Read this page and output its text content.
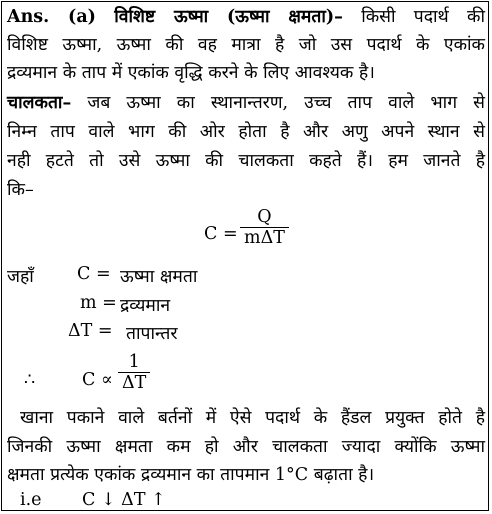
Ans. (a) विशिष्ट ऊष्मा (ऊष्मा क्षमता)– किसी पदार्थ की
विशिष्ट ऊष्मा, ऊष्मा की वह मात्रा है जो उस पदार्थ के एकांक
द्रव्यमान के ताप में एकांक वृद्धि करने के लिए आवश्यक है।
चालकता– जब ऊष्मा का स्थानान्तरण, उच्च ताप वाले भाग से
निम्न ताप वाले भाग की ओर होता है और अणु अपने स्थान से
नही हटते तो उसे ऊष्मा की चालकता कहते हैं। हम जानते है
कि–
C =
Q
mΔT
जहाँ C = ऊष्मा क्षमता
m = द्रव्यमान
ΔT = तापान्तर
∴	C ∝
1
ΔT
खाना पकाने वाले बर्तनों में ऐसे पदार्थ के हैंडल प्रयुक्त होते है
जिनकी ऊष्मा क्षमता कम हो और चालकता ज्यादा क्योंकि ऊष्मा
क्षमता प्रत्येक एकांक द्रव्यमान का तापमान 1°C बढ़ाता है।
i.e C ↓ ΔT ↑
